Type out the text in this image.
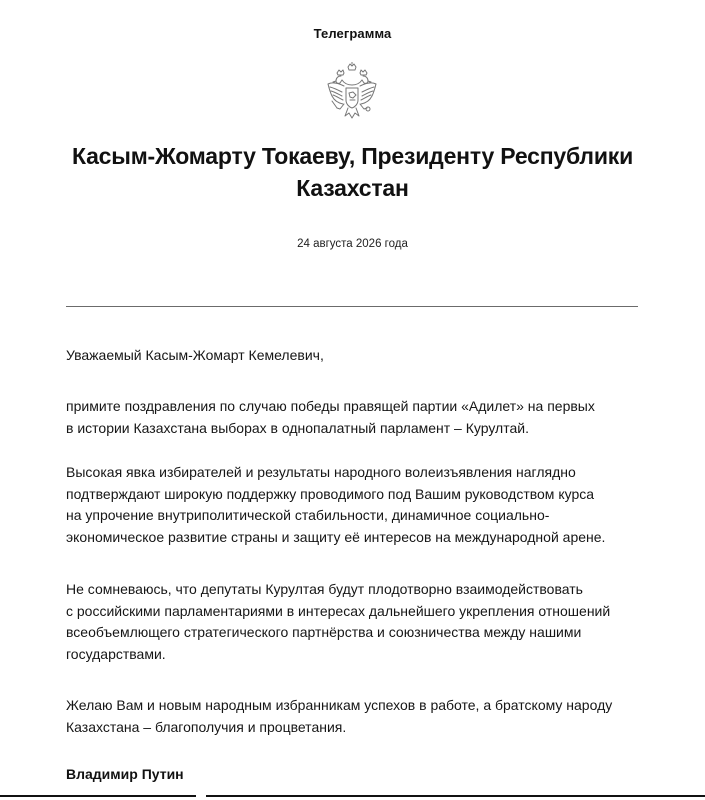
Телеграмма
Касым-Жомарту Токаеву, Президенту Республики
Казахстан
24 августа 2026 года

Уважаемый Касым-Жомарт Кемелевич,

примите поздравления по случаю победы правящей партии «Адилет» на первых
в истории Казахстана выборах в однопалатный парламент – Курултай.

Высокая явка избирателей и результаты народного волеизъявления наглядно
подтверждают широкую поддержку проводимого под Вашим руководством курса
на упрочение внутриполитической стабильности, динамичное социально-
экономическое развитие страны и защиту её интересов на международной арене.

Не сомневаюсь, что депутаты Курултая будут плодотворно взаимодействовать
с российскими парламентариями в интересах дальнейшего укрепления отношений
всеобъемлющего стратегического партнёрства и союзничества между нашими
государствами.

Желаю Вам и новым народным избранникам успехов в работе, а братскому народу
Казахстана – благополучия и процветания.

Владимир Путин
